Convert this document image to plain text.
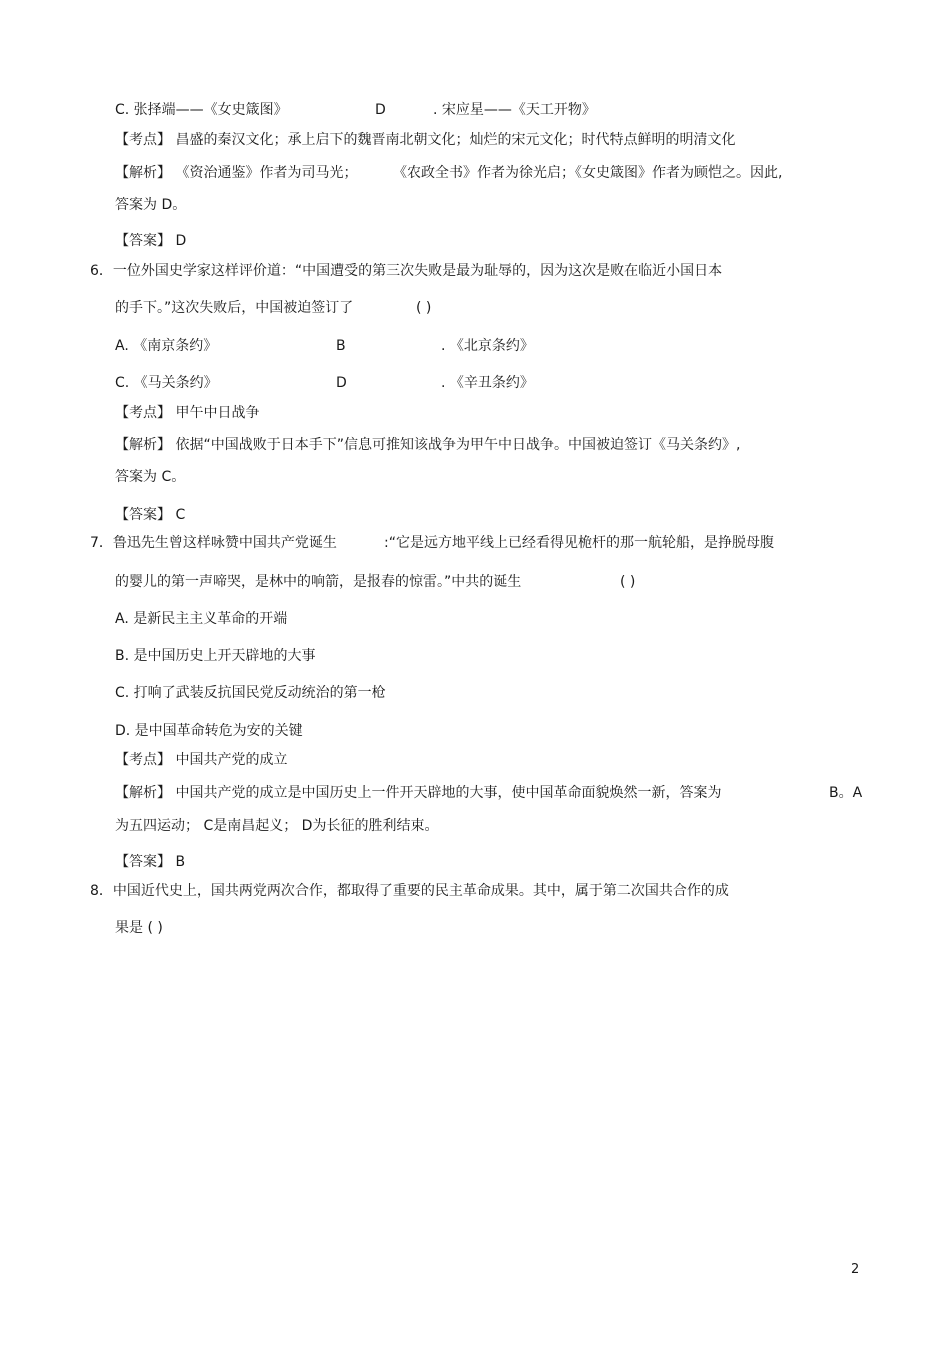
C. 张择端——《女史箴图》	D	. 宋应星——《天工开物》
【考点】 昌盛的秦汉文化；承上启下的魏晋南北朝文化；灿烂的宋元文化；时代特点鲜明的明清文化
【解析】 《资治通鉴》作者为司马光；	《农政全书》作者为徐光启；《女史箴图》作者为顾恺之。因此,
答案为 D。
【答案】 D
6．一位外国史学家这样评价道：“中国遭受的第三次失败是最为耻辱的，因为这次是败在临近小国日本
的手下。”这次失败后，中国被迫签订了	( )
A. 《南京条约》	B	. 《北京条约》
C. 《马关条约》	D	. 《辛丑条约》
【考点】 甲午中日战争
【解析】 依据“中国战败于日本手下”信息可推知该战争为甲午中日战争。中国被迫签订《马关条约》,
答案为 C。
【答案】 C
7．鲁迅先生曾这样咏赞中国共产党诞生	:“它是远方地平线上已经看得见桅杆的那一航轮船，是挣脱母腹
的婴儿的第一声啼哭，是林中的响箭，是报春的惊雷。”中共的诞生	( )
A. 是新民主主义革命的开端
B. 是中国历史上开天辟地的大事
C. 打响了武装反抗国民党反动统治的第一枪
D. 是中国革命转危为安的关键
【考点】 中国共产党的成立
【解析】 中国共产党的成立是中国历史上一件开天辟地的大事，使中国革命面貌焕然一新，答案为	B。A
为五四运动； C是南昌起义； D为长征的胜利结束。
【答案】 B
8．中国近代史上，国共两党两次合作，都取得了重要的民主革命成果。其中，属于第二次国共合作的成
果是 ( )
2
